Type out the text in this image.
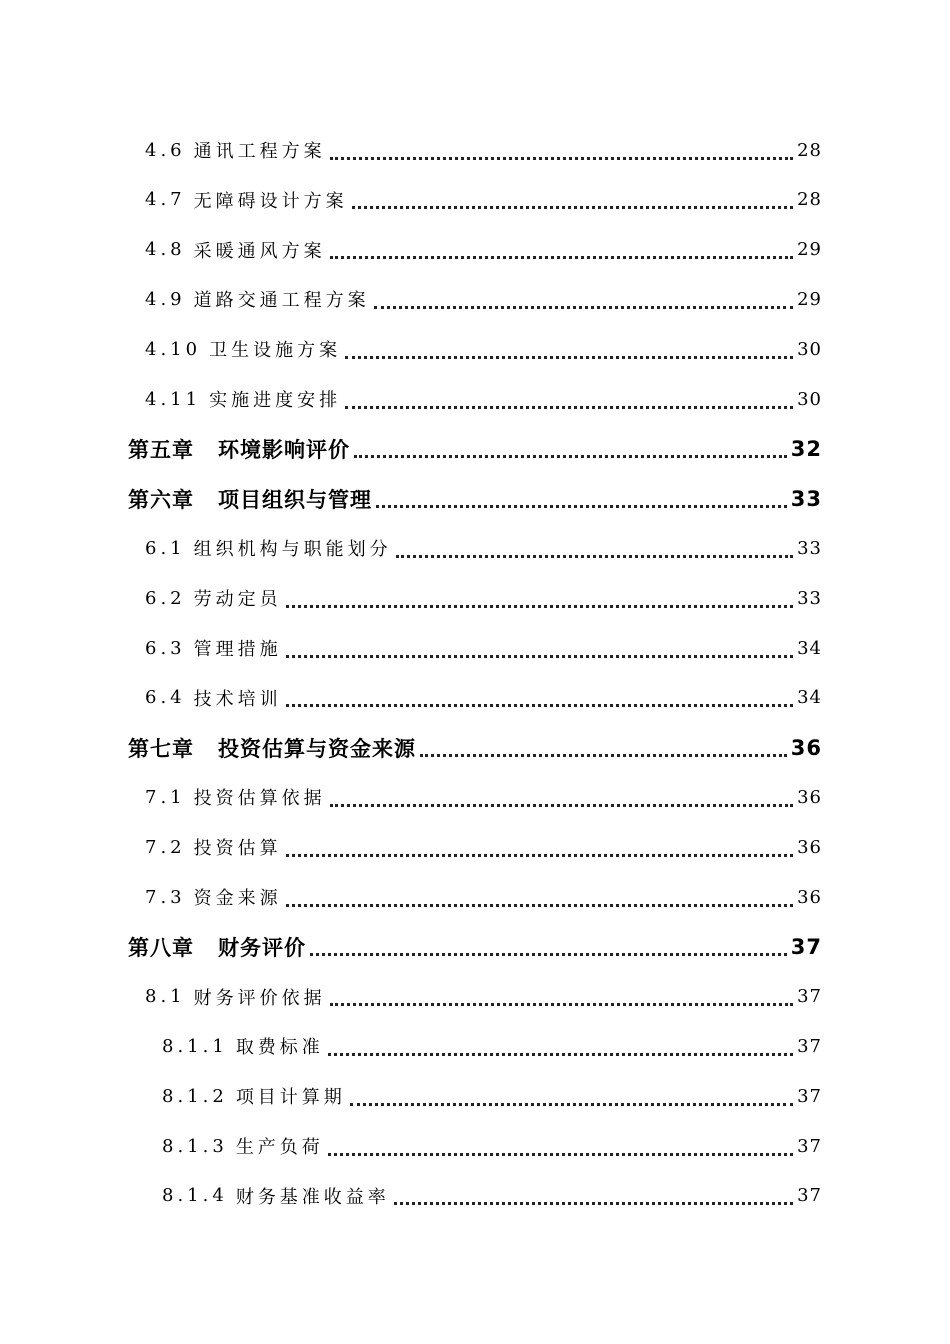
4.6 通讯工程方案	28
4.7 无障碍设计方案	28
4.8 采暖通风方案	29
4.9 道路交通工程方案	29
4.10 卫生设施方案	30
4.11 实施进度安排	30
第五章 环境影响评价	32
第六章 项目组织与管理	33
6.1 组织机构与职能划分	33
6.2 劳动定员	33
6.3 管理措施	34
6.4 技术培训	34
第七章 投资估算与资金来源	36
7.1 投资估算依据	36
7.2 投资估算	36
7.3 资金来源	36
第八章 财务评价	37
8.1 财务评价依据	37
8.1.1 取费标准	37
8.1.2 项目计算期	37
8.1.3 生产负荷	37
8.1.4 财务基准收益率	37
